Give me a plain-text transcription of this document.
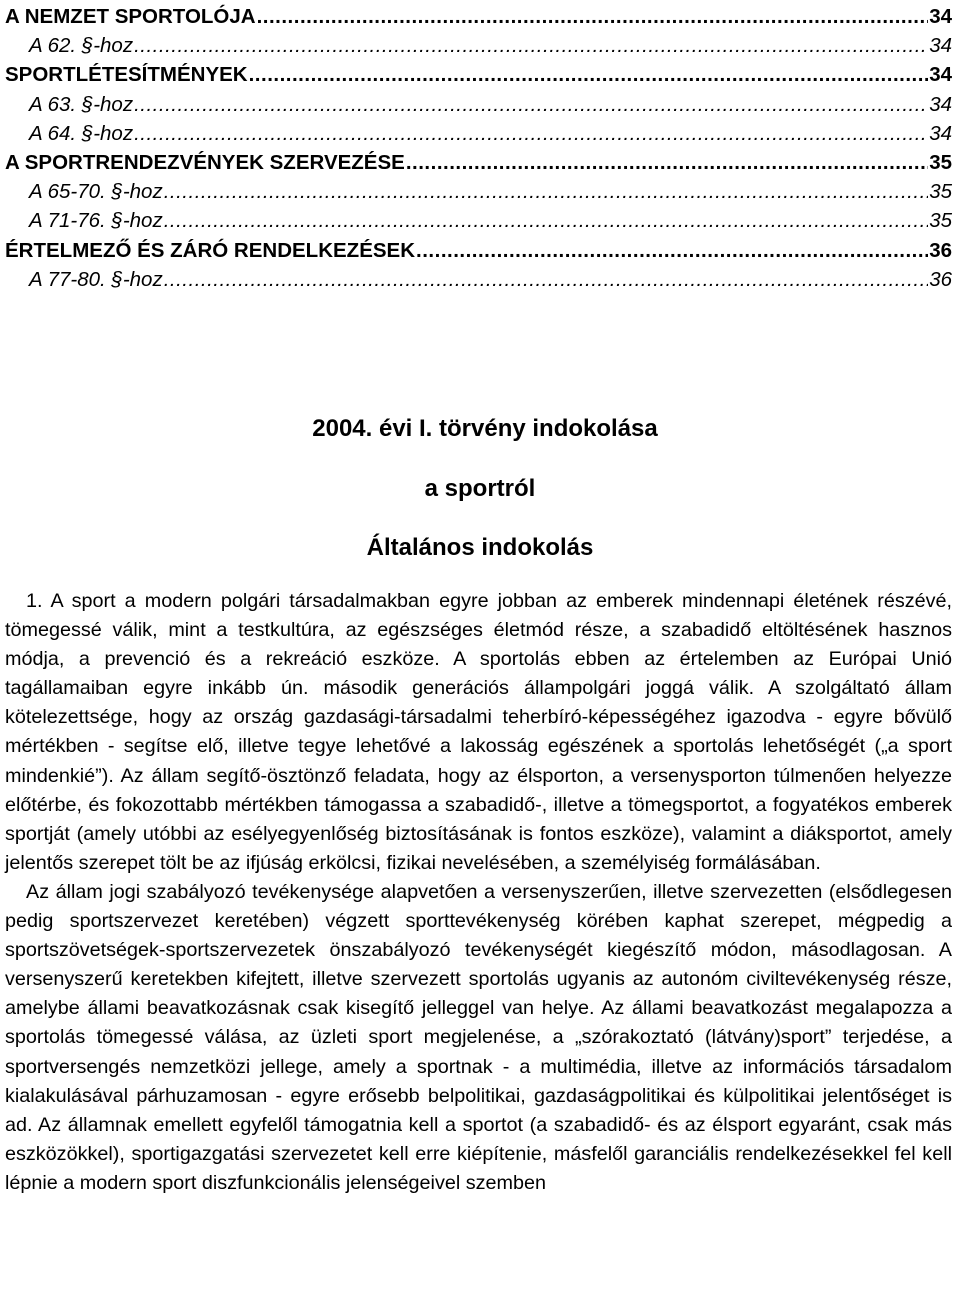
A NEMZET SPORTOLÓJA .....	34
A 62. §-hoz .....	34
SPORTLÉTESÍTMÉNYEK .....	34
A 63. §-hoz .....	34
A 64. §-hoz .....	34
A SPORTRENDEZVÉNYEK SZERVEZÉSE .....	35
A 65-70. §-hoz .....	35
A 71-76. §-hoz .....	35
ÉRTELMEZŐ ÉS ZÁRÓ RENDELKEZÉSEK .....	36
A 77-80. §-hoz .....	36
2004. évi I. törvény indokolása
a sportról
Általános indokolás

1. A sport a modern polgári társadalmakban egyre jobban az emberek mindennapi életének részévé, tömegessé válik, mint a testkultúra, az egészséges életmód része, a szabadidő eltöltésének hasznos módja, a prevenció és a rekreáció eszköze. A sportolás ebben az értelemben az Európai Unió tagállamaiban egyre inkább ún. második generációs állampolgári joggá válik. A szolgáltató állam kötelezettsége, hogy az ország gazdasági-társadalmi teherbíró-képességéhez igazodva - egyre bővülő mértékben - segítse elő, illetve tegye lehetővé a lakosság egészének a sportolás lehetőségét („a sport mindenkié”). Az állam segítő-ösztönző feladata, hogy az élsporton, a versenysporton túlmenően helyezze előtérbe, és fokozottabb mértékben támogassa a szabadidő-, illetve a tömegsportot, a fogyatékos emberek sportját (amely utóbbi az esélyegyenlőség biztosításának is fontos eszköze), valamint a diáksportot, amely jelentős szerepet tölt be az ifjúság erkölcsi, fizikai nevelésében, a személyiség formálásában.

Az állam jogi szabályozó tevékenysége alapvetően a versenyszerűen, illetve szervezetten (elsődlegesen pedig sportszervezet keretében) végzett sporttevékenység körében kaphat szerepet, mégpedig a sportszövetségek-sportszervezetek önszabályozó tevékenységét kiegészítő módon, másodlagosan. A versenyszerű keretekben kifejtett, illetve szervezett sportolás ugyanis az autonóm civiltevékenység része, amelybe állami beavatkozásnak csak kisegítő jelleggel van helye. Az állami beavatkozást megalapozza a sportolás tömegessé válása, az üzleti sport megjelenése, a „szórakoztató (látvány)sport” terjedése, a sportversengés nemzetközi jellege, amely a sportnak - a multimédia, illetve az információs társadalom kialakulásával párhuzamosan - egyre erősebb belpolitikai, gazdaságpolitikai és külpolitikai jelentőséget is ad. Az államnak emellett egyfelől támogatnia kell a sportot (a szabadidő- és az élsport egyaránt, csak más eszközökkel), sportigazgatási szervezetet kell erre kiépítenie, másfelől garanciális rendelkezésekkel fel kell lépnie a modern sport diszfunkcionális jelenségeivel szemben
